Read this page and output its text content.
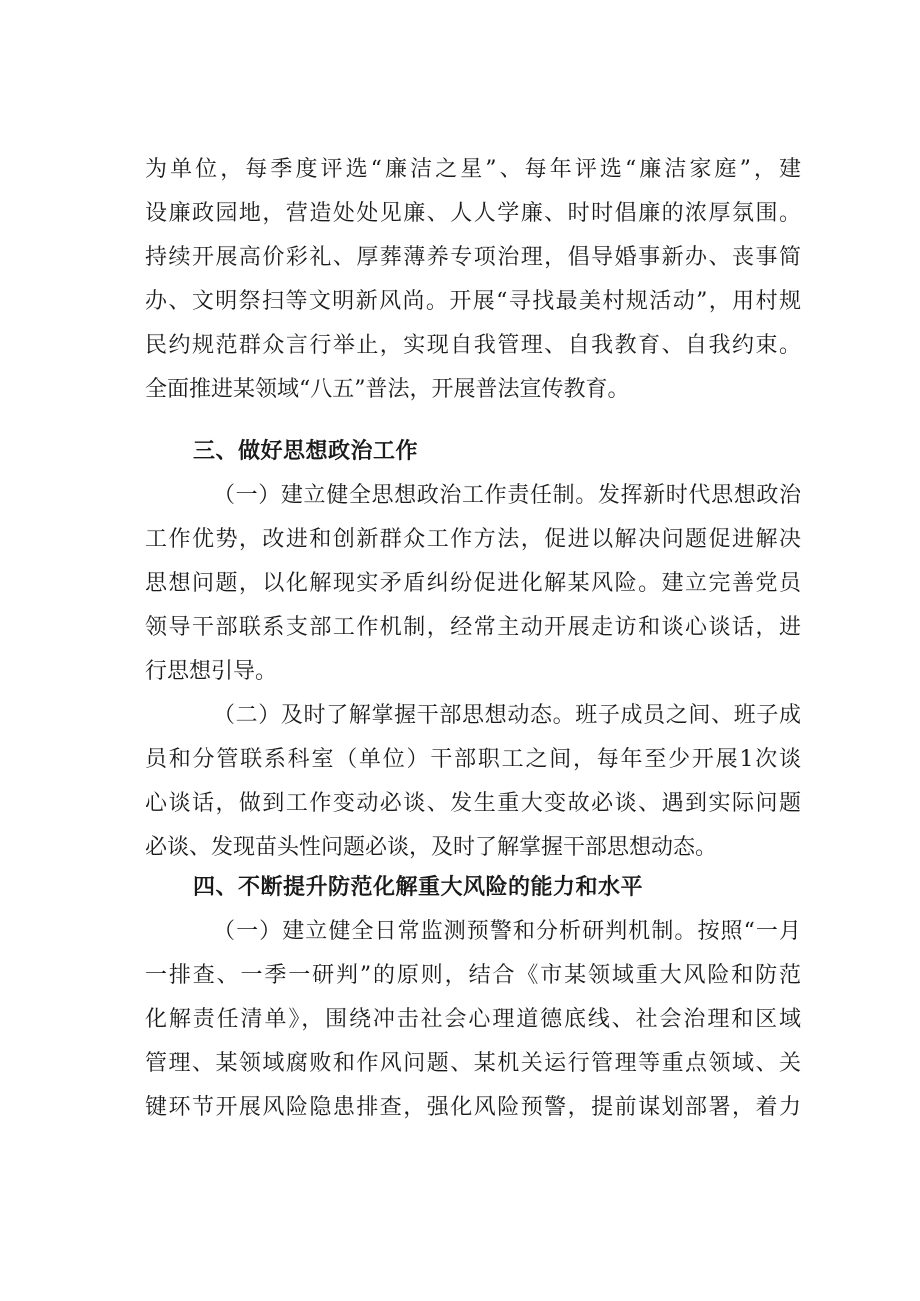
为单位，每季度评选“廉洁之星”、每年评选“廉洁家庭”，建
设廉政园地，营造处处见廉、人人学廉、时时倡廉的浓厚氛围。
持续开展高价彩礼、厚葬薄养专项治理，倡导婚事新办、丧事简
办、文明祭扫等文明新风尚。开展“寻找最美村规活动”，用村规
民约规范群众言行举止，实现自我管理、自我教育、自我约束。
全面推进某领域“八五”普法，开展普法宣传教育。
三、做好思想政治工作
（一）建立健全思想政治工作责任制。发挥新时代思想政治
工作优势，改进和创新群众工作方法，促进以解决问题促进解决
思想问题，以化解现实矛盾纠纷促进化解某风险。建立完善党员
领导干部联系支部工作机制，经常主动开展走访和谈心谈话，进
行思想引导。
（二）及时了解掌握干部思想动态。班子成员之间、班子成
员和分管联系科室（单位）干部职工之间，每年至少开展1次谈
心谈话，做到工作变动必谈、发生重大变故必谈、遇到实际问题
必谈、发现苗头性问题必谈，及时了解掌握干部思想动态。
四、不断提升防范化解重大风险的能力和水平
（一）建立健全日常监测预警和分析研判机制。按照“一月
一排查、一季一研判”的原则，结合《市某领域重大风险和防范
化解责任清单》，围绕冲击社会心理道德底线、社会治理和区域
管理、某领域腐败和作风问题、某机关运行管理等重点领域、关
键环节开展风险隐患排查，强化风险预警，提前谋划部署，着力
